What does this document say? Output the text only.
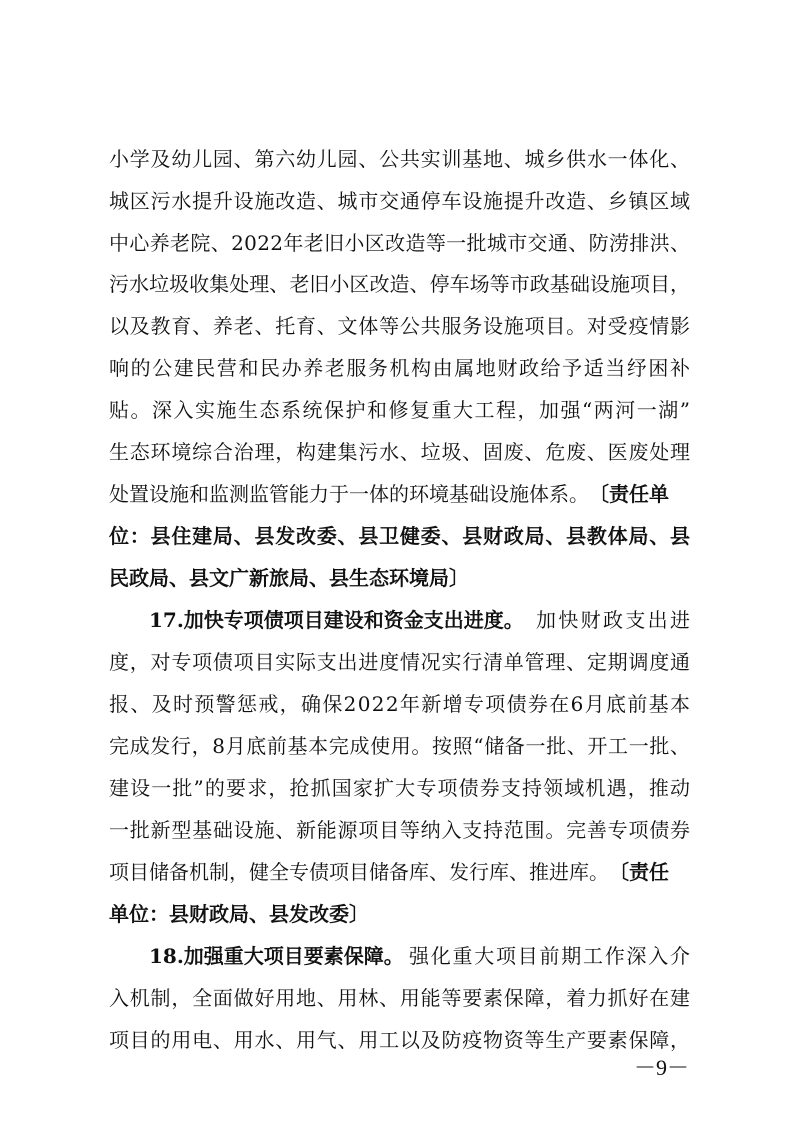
小学及幼儿园、第六幼儿园、公共实训基地、城乡供水一体化、

城区污水提升设施改造、城市交通停车设施提升改造、乡镇区域

中心养老院、2022年老旧小区改造等一批城市交通、防涝排洪、

污水垃圾收集处理、老旧小区改造、停车场等市政基础设施项目，

以及教育、养老、托育、文体等公共服务设施项目。对受疫情影

响的公建民营和民办养老服务机构由属地财政给予适当纾困补

贴。深入实施生态系统保护和修复重大工程，加强“两河一湖”

生态环境综合治理，构建集污水、垃圾、固废、危废、医废处理

处置设施和监测监管能力于一体的环境基础设施体系。 〔责任单

位：县住建局、县发改委、县卫健委、县财政局、县教体局、县

民政局、县文广新旅局、县生态环境局〕

17.加快专项债项目建设和资金支出进度。 加快财政支出进

度，对专项债项目实际支出进度情况实行清单管理、定期调度通

报、及时预警惩戒，确保2022年新增专项债券在6月底前基本

完成发行，8月底前基本完成使用。按照“储备一批、开工一批、

建设一批”的要求，抢抓国家扩大专项债券支持领域机遇，推动

一批新型基础设施、新能源项目等纳入支持范围。完善专项债券

项目储备机制，健全专债项目储备库、发行库、推进库。 〔责任

单位：县财政局、县发改委〕

18.加强重大项目要素保障。 强化重大项目前期工作深入介

入机制，全面做好用地、用林、用能等要素保障，着力抓好在建

项目的用电、用水、用气、用工以及防疫物资等生产要素保障，

－9－
